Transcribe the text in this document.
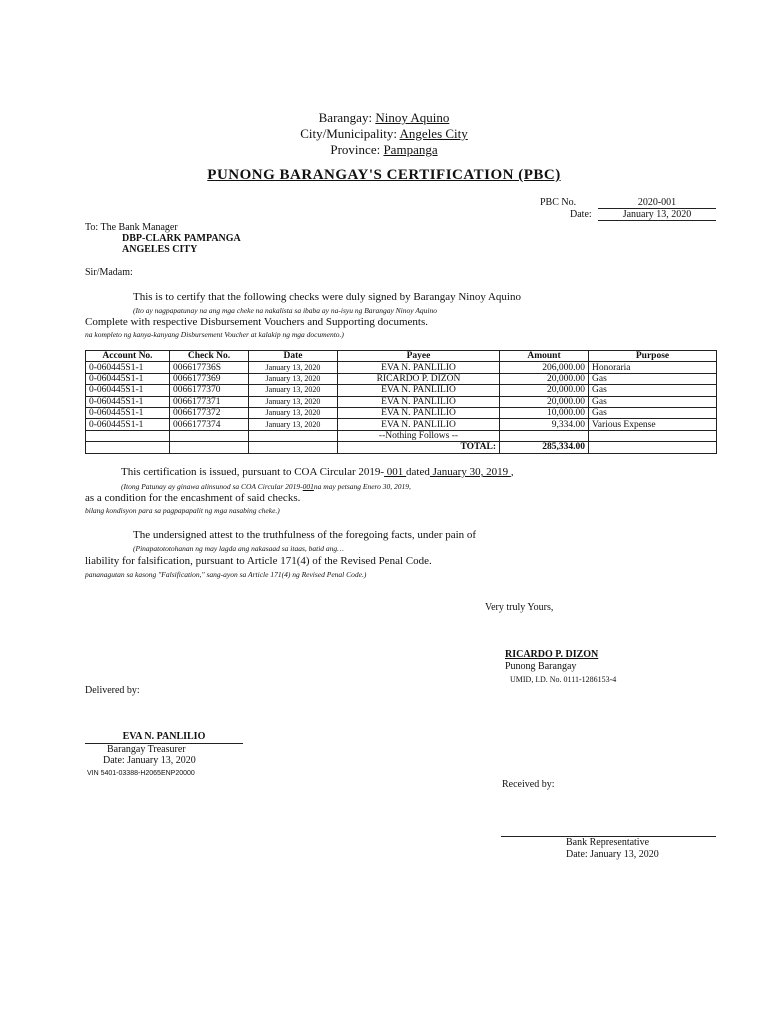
Barangay: Ninoy Aquino
City/Municipality: Angeles City
Province: Pampanga
PUNONG BARANGAY'S CERTIFICATION (PBC)
PBC No.	2020-001
Date:	January 13, 2020
To: The Bank Manager
DBP-CLARK PAMPANGA
ANGELES CITY
Sir/Madam:
This is to certify that the following checks were duly signed by Barangay Ninoy Aquino
(Ito ay nagpapatunay na ang mga cheke na nakalista sa ibaba ay na-isyu ng Barangay Ninoy Aquino
Complete with respective Disbursement Vouchers and Supporting documents.
na kompleto ng kanya-kanyang Disbursement Voucher at kalakip ng mga documento.)
Account No.	Check No.	Date	Payee	Amount	Purpose
0-060445S1-1	006617736S	January 13, 2020	EVA N. PANLILIO	206,000.00	Honoraria
0-060445S1-1	0066177369	January 13, 2020	RICARDO P. DIZON	20,000.00	Gas
0-060445S1-1	0066177370	January 13, 2020	EVA N. PANLILIO	20,000.00	Gas
0-060445S1-1	0066177371	January 13, 2020	EVA N. PANLILIO	20,000.00	Gas
0-060445S1-1	0066177372	January 13, 2020	EVA N. PANLILIO	10,000.00	Gas
0-060445S1-1	0066177374	January 13, 2020	EVA N. PANLILIO	9,334.00	Various Expense
			--Nothing Follows --		
			TOTAL:	285,334.00	
This certification is issued, pursuant to COA Circular 2019- 001 dated January 30, 2019 ,
(Itong Patunay ay ginawa alinsunod sa COA Circular 2019-001na may petsang Enero 30, 2019,
as a condition for the encashment of said checks.
bilang kondisyon para sa pagpapapalit ng mga nasabing cheke.)
The undersigned attest to the truthfulness of the foregoing facts, under pain of
(Pinapatototohanan ng may lagda ang nakasaad sa itaas, batid ang…
liability for falsification, pursuant to Article 171(4) of the Revised Penal Code.
pananagutan sa kasong "Falsification," sang-ayon sa Article 171(4) ng Revised Penal Code.)
Very truly Yours,
RICARDO P. DIZON
Punong Barangay
UMID, I.D. No. 0111-1286153-4
Delivered by:
EVA N. PANLILIO
Barangay Treasurer
Date: January 13, 2020
VIN 5401-03388-H2065ENP20000
Received by:
Bank Representative
Date: January 13, 2020
